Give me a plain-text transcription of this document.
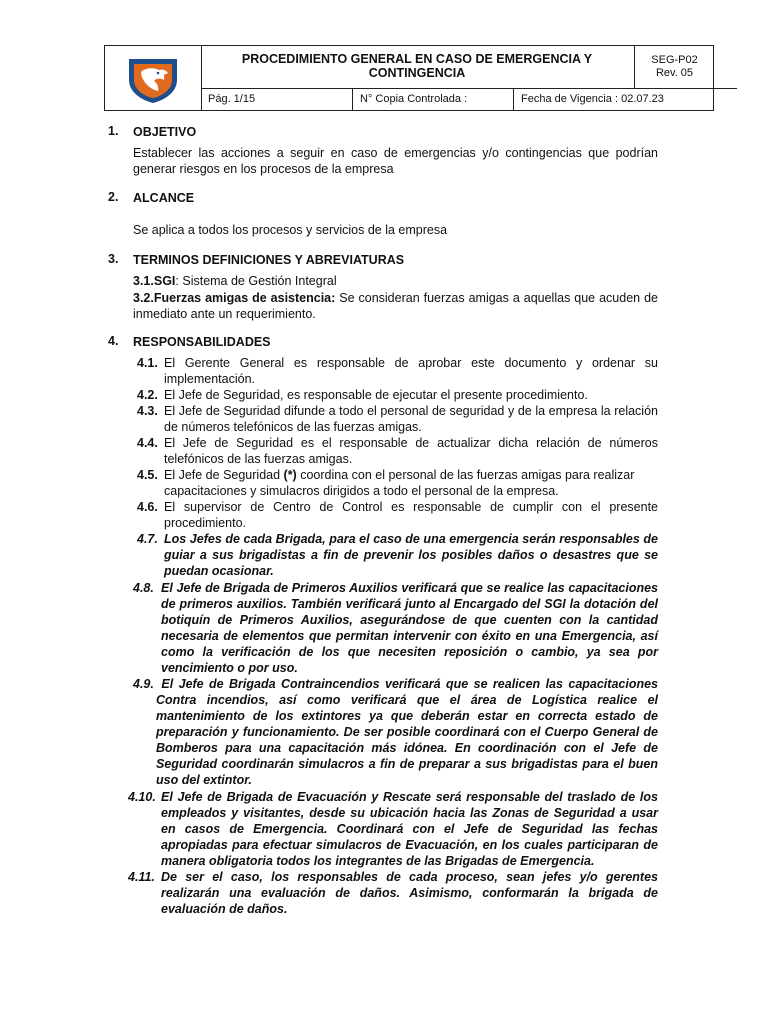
PROCEDIMIENTO GENERAL EN CASO DE EMERGENCIA Y CONTINGENCIA
SEG-P02
Rev. 05
Pág. 1/15	N° Copia Controlada :	Fecha de Vigencia : 02.07.23
1. OBJETIVO
Establecer las acciones a seguir en caso de emergencias y/o contingencias que podrían generar riesgos en los procesos de la empresa
2. ALCANCE
Se aplica a todos los procesos y servicios de la empresa
3. TERMINOS DEFINICIONES Y ABREVIATURAS
3.1.SGI: Sistema de Gestión Integral
3.2.Fuerzas amigas de asistencia: Se consideran fuerzas amigas a aquellas que acuden de inmediato ante un requerimiento.
4. RESPONSABILIDADES
4.1. El Gerente General es responsable de aprobar este documento y ordenar su implementación.
4.2. El Jefe de Seguridad, es responsable de ejecutar el presente procedimiento.
4.3. El Jefe de Seguridad difunde a todo el personal de seguridad y de la empresa la relación de números telefónicos de las fuerzas amigas.
4.4. El Jefe de Seguridad es el responsable de actualizar dicha relación de números telefónicos de las fuerzas amigas.
4.5. El Jefe de Seguridad (*) coordina con el personal de las fuerzas amigas para realizar capacitaciones y simulacros dirigidos a todo el personal de la empresa.
4.6. El supervisor de Centro de Control es responsable de cumplir con el presente procedimiento.
4.7. Los Jefes de cada Brigada, para el caso de una emergencia serán responsables de guiar a sus brigadistas a fin de prevenir los posibles daños o desastres que se puedan ocasionar.
4.8. El Jefe de Brigada de Primeros Auxilios verificará que se realice las capacitaciones de primeros auxilios. También verificará junto al Encargado del SGI la dotación del botiquín de Primeros Auxilios, asegurándose de que cuenten con la cantidad necesaria de elementos que permitan intervenir con éxito en una Emergencia, así como la verificación de los que necesiten reposición o cambio, ya sea por vencimiento o por uso.
4.9. El Jefe de Brigada Contraincendios verificará que se realicen las capacitaciones Contra incendios, así como verificará que el área de Logística realice el mantenimiento de los extintores ya que deberán estar en correcta estado de preparación y funcionamiento. De ser posible coordinará con el Cuerpo General de Bomberos para una capacitación más idónea. En coordinación con el Jefe de Seguridad coordinarán simulacros a fin de preparar a sus brigadistas para el buen uso del extintor.
4.10. El Jefe de Brigada de Evacuación y Rescate será responsable del traslado de los empleados y visitantes, desde su ubicación hacia las Zonas de Seguridad a usar en casos de Emergencia. Coordinará con el Jefe de Seguridad las fechas apropiadas para efectuar simulacros de Evacuación, en los cuales participaran de manera obligatoria todos los integrantes de las Brigadas de Emergencia.
4.11. De ser el caso, los responsables de cada proceso, sean jefes y/o gerentes realizarán una evaluación de daños. Asimismo, conformarán la brigada de evaluación de daños.
